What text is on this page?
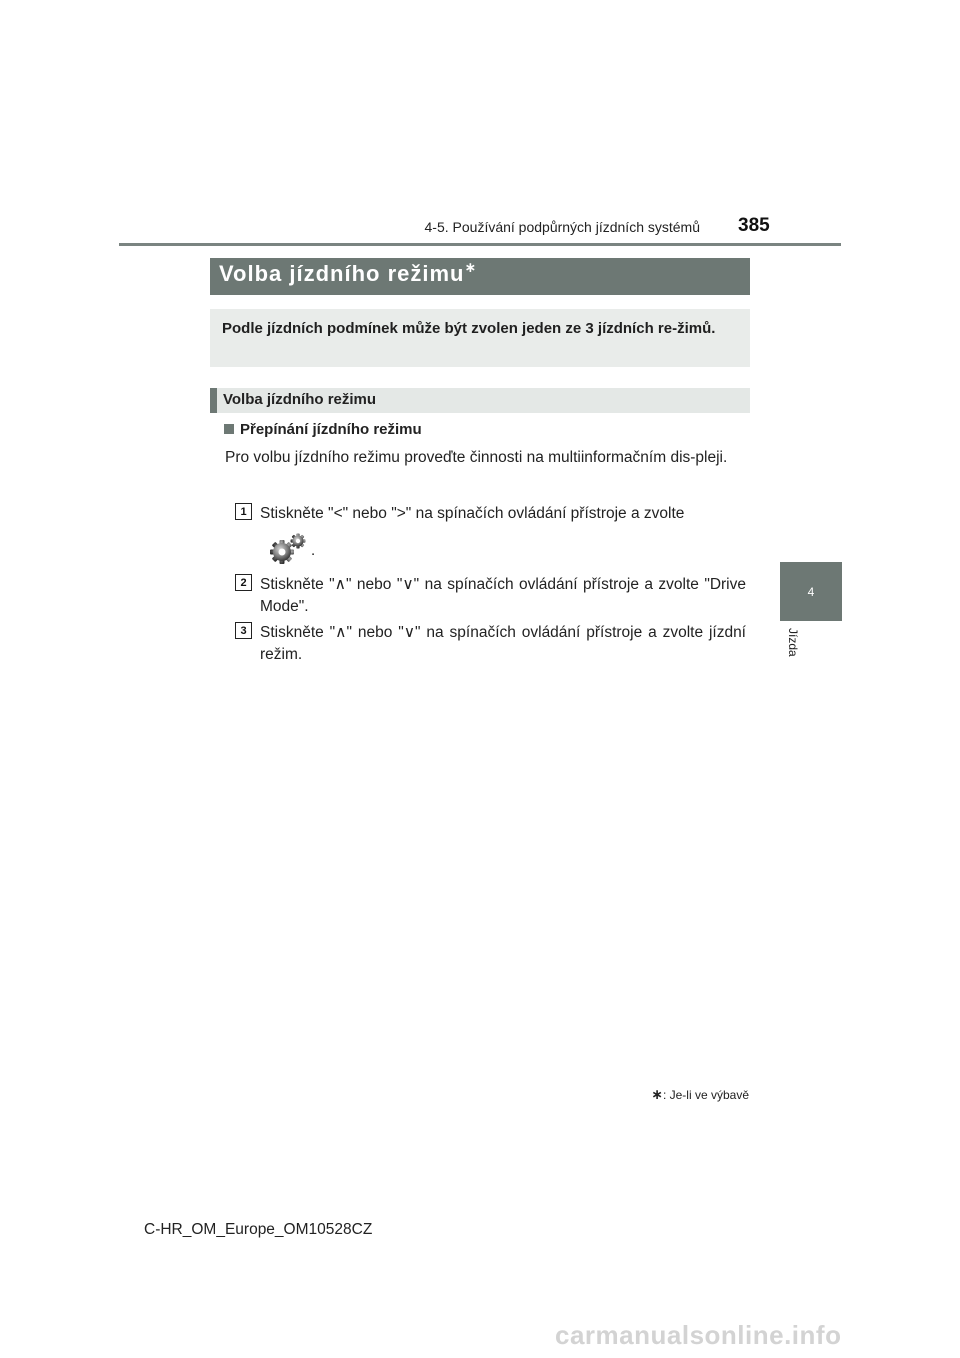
4-5. Používání podpůrných jízdních systémů 385
4
Jízda
Volba jízdního režimu∗
Podle jízdních podmínek může být zvolen jeden ze 3 jízdních re-žimů.
Volba jízdního režimu
Přepínání jízdního režimu
Pro volbu jízdního režimu proveďte činnosti na multiinformačním dis-pleji.
1 Stiskněte "<" nebo ">" na spínačích ovládání přístroje a zvolte
.
2 Stiskněte "∧" nebo "∨" na spínačích ovládání přístroje a zvolte "Drive Mode".
3 Stiskněte "∧" nebo "∨" na spínačích ovládání přístroje a zvolte jízdní režim.
∗: Je-li ve výbavě
C-HR_OM_Europe_OM10528CZ
carmanualsonline.info
